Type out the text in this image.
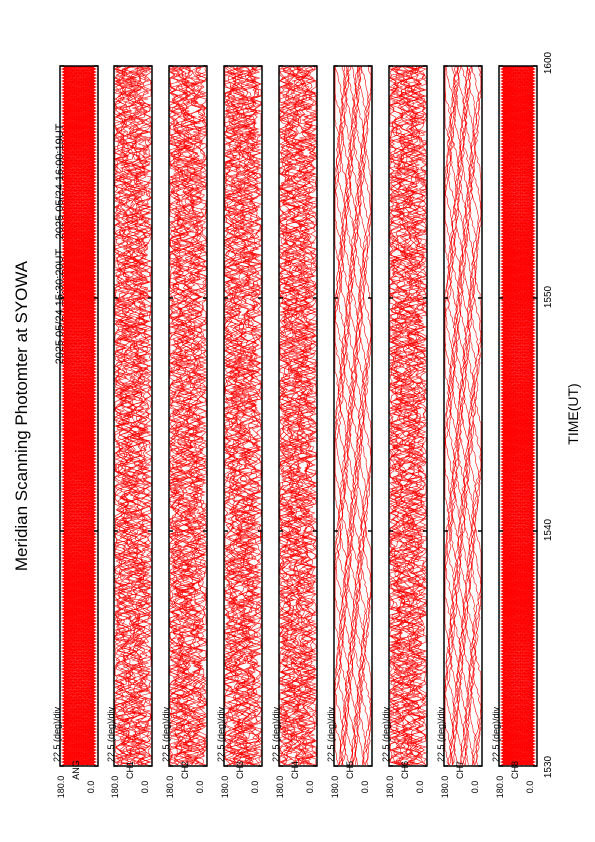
Meridian Scanning Photomter at SYOWA
2025 05/24 15:30:20UT - 2025 05/24 16:00:19UT
TIME(UT)
1530
1540
1550
1600
22.5 (deg)/div
180.0 0.0
ANG
22.5 (deg)/div
180.0 0.0
CH1
22.5 (deg)/div
180.0 0.0
CH2
22.5 (deg)/div
180.0 0.0
CH3
22.5 (deg)/div
180.0 0.0
CH4
22.5 (deg)/div
180.0 0.0
CH5
22.5 (deg)/div
180.0 0.0
CH6
22.5 (deg)/div
180.0 0.0
CH7
22.5 (deg)/div
180.0 0.0
CH8
